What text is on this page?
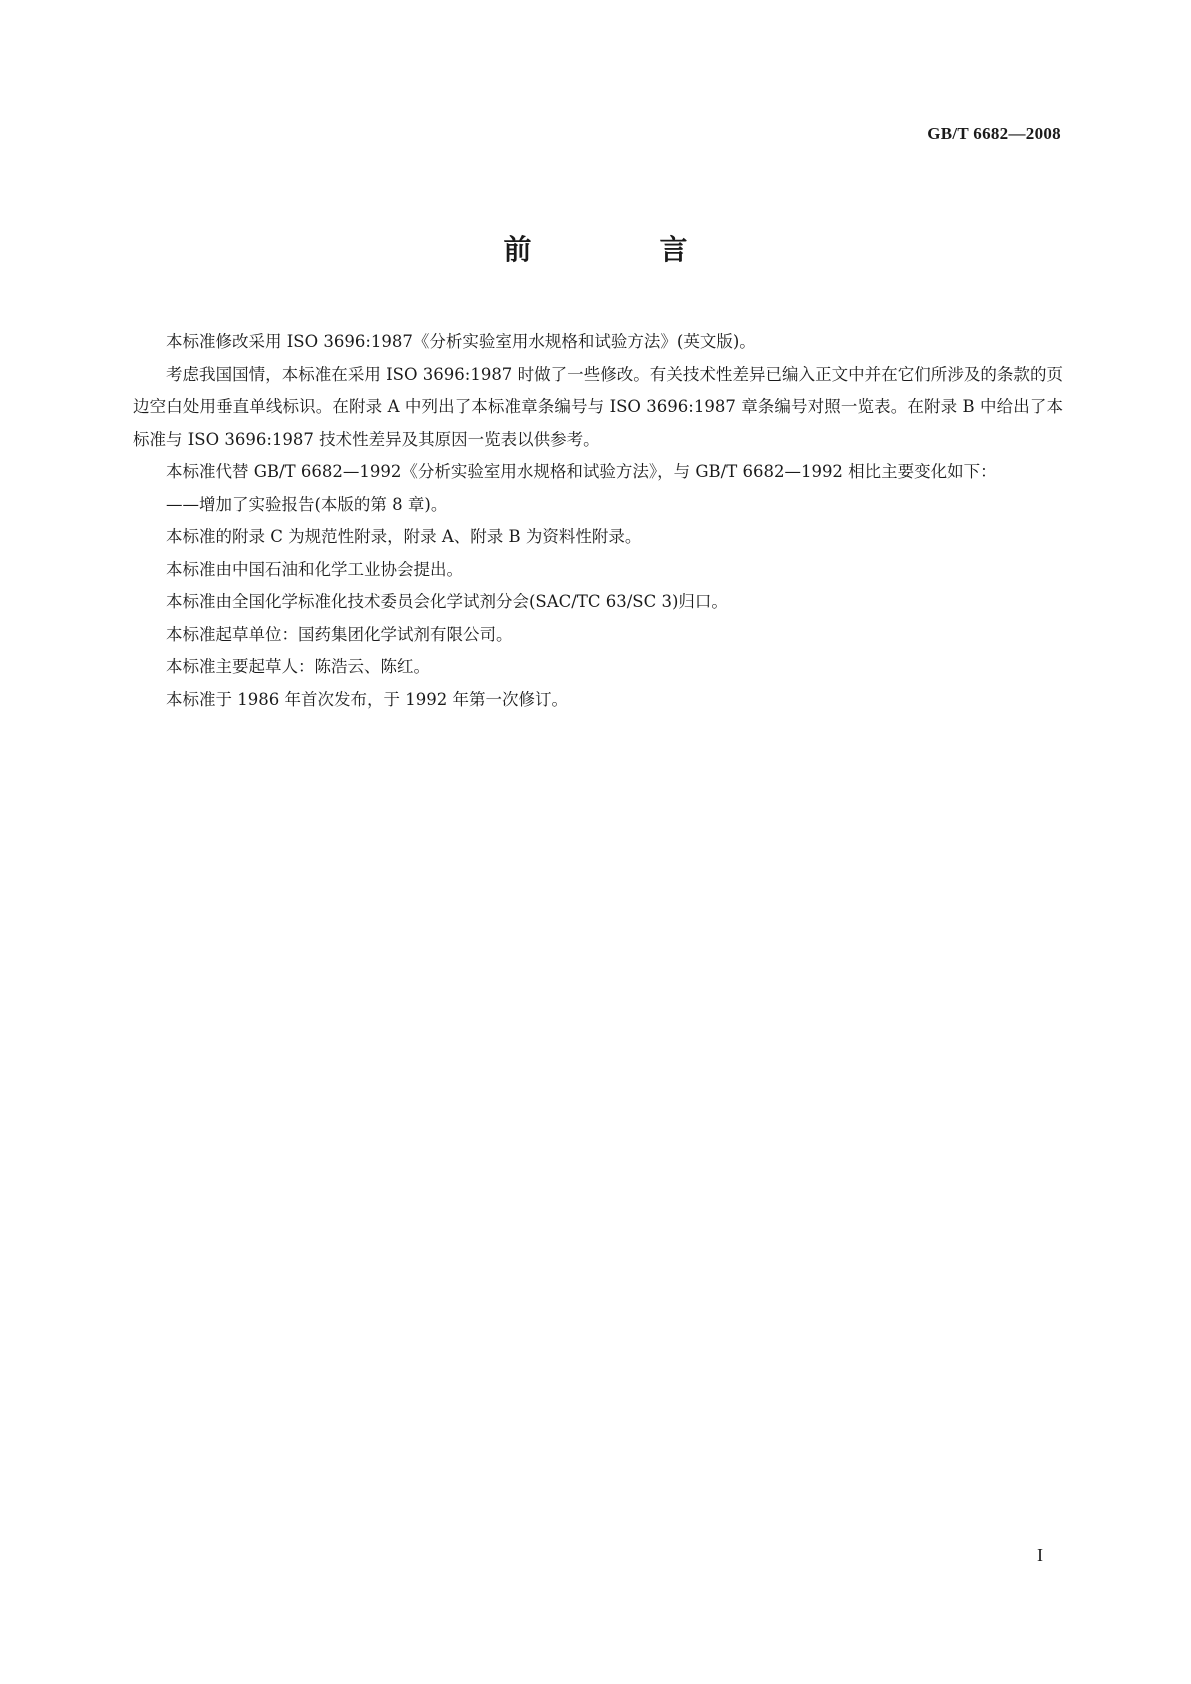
GB/T 6682—2008
前　言

本标准修改采用 ISO 3696:1987《分析实验室用水规格和试验方法》(英文版)。

考虑我国国情，本标准在采用 ISO 3696:1987 时做了一些修改。有关技术性差异已编入正文中并在它们所涉及的条款的页边空白处用垂直单线标识。在附录 A 中列出了本标准章条编号与 ISO 3696:1987 章条编号对照一览表。在附录 B 中给出了本标准与 ISO 3696:1987 技术性差异及其原因一览表以供参考。

本标准代替 GB/T 6682—1992《分析实验室用水规格和试验方法》，与 GB/T 6682—1992 相比主要变化如下：

——增加了实验报告(本版的第 8 章)。

本标准的附录 C 为规范性附录，附录 A、附录 B 为资料性附录。

本标准由中国石油和化学工业协会提出。

本标准由全国化学标准化技术委员会化学试剂分会(SAC/TC 63/SC 3)归口。

本标准起草单位：国药集团化学试剂有限公司。

本标准主要起草人：陈浩云、陈红。

本标准于 1986 年首次发布，于 1992 年第一次修订。

I
